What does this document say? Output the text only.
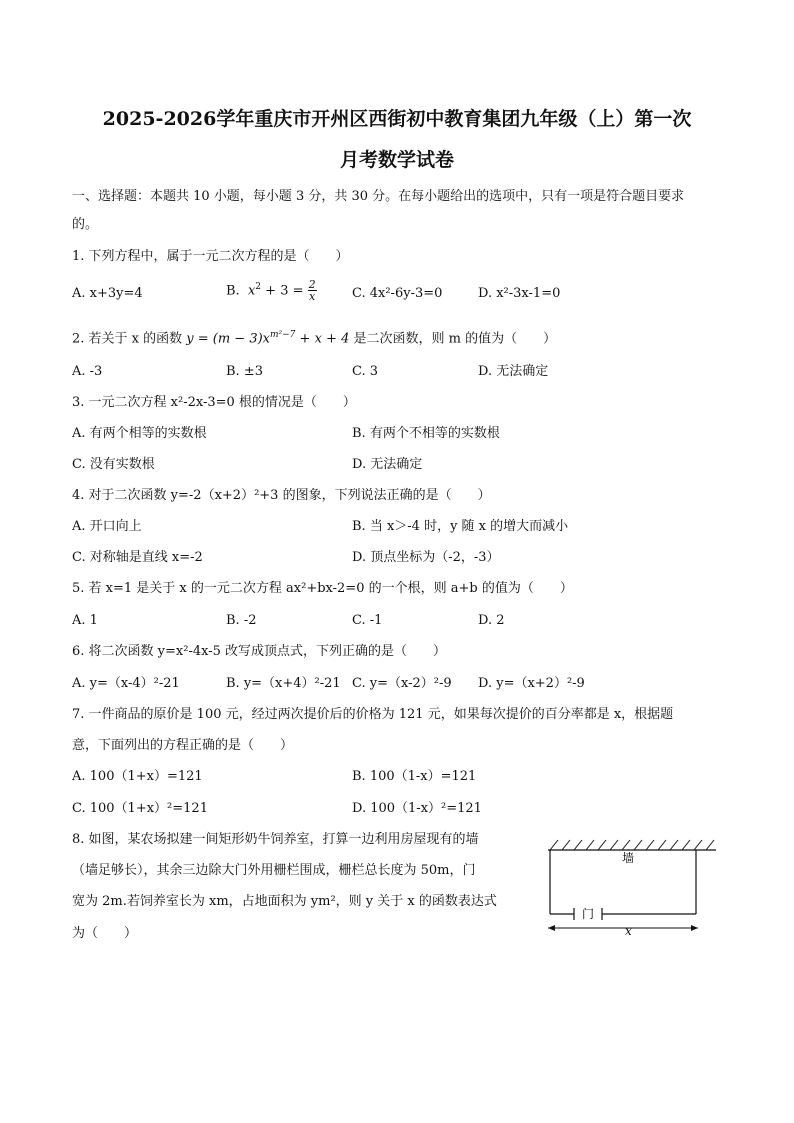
2025-2026学年重庆市开州区西街初中教育集团九年级（上）第一次
月考数学试卷
一、选择题：本题共 10 小题，每小题 3 分，共 30 分。在每小题给出的选项中，只有一项是符合题目要求
的。
1. 下列方程中，属于一元二次方程的是（　　）
A. x+3y=4	B.  $x^2 + 3 = \frac{2}{x}$	C. 4x²-6y-3=0	D. x²-3x-1=0
2. 若关于 x 的函数 $y = (m - 3)x^{m^2-7} + x + 4$ 是二次函数，则 m 的值为（　　）
A. -3	B. ±3	C. 3	D. 无法确定
3. 一元二次方程 x²-2x-3=0 根的情况是（　　）
A. 有两个相等的实数根	B. 有两个不相等的实数根
C. 没有实数根	D. 无法确定
4. 对于二次函数 y=-2（x+2）²+3 的图象，下列说法正确的是（　　）
A. 开口向上	B. 当 x＞-4 时，y 随 x 的增大而减小
C. 对称轴是直线 x=-2	D. 顶点坐标为（-2，-3）
5. 若 x=1 是关于 x 的一元二次方程 ax²+bx-2=0 的一个根，则 a+b 的值为（　　）
A. 1	B. -2	C. -1	D. 2
6. 将二次函数 y=x²-4x-5 改写成顶点式，下列正确的是（　　）
A. y=（x-4）²-21	B. y=（x+4）²-21 C. y=（x-2）²-9 D. y=（x+2）²-9
7. 一件商品的原价是 100 元，经过两次提价后的价格为 121 元，如果每次提价的百分率都是 x，根据题
意，下面列出的方程正确的是（　　）
A. 100（1+x）=121	B. 100（1-x）=121
C. 100（1+x）²=121	D. 100（1-x）²=121
8. 如图，某农场拟建一间矩形奶牛饲养室，打算一边利用房屋现有的墙
（墙足够长），其余三边除大门外用栅栏围成，栅栏总长度为 50m，门
宽为 2m.若饲养室长为 xm，占地面积为 ym²，则 y 关于 x 的函数表达式
为（　　）
墙
门
x
